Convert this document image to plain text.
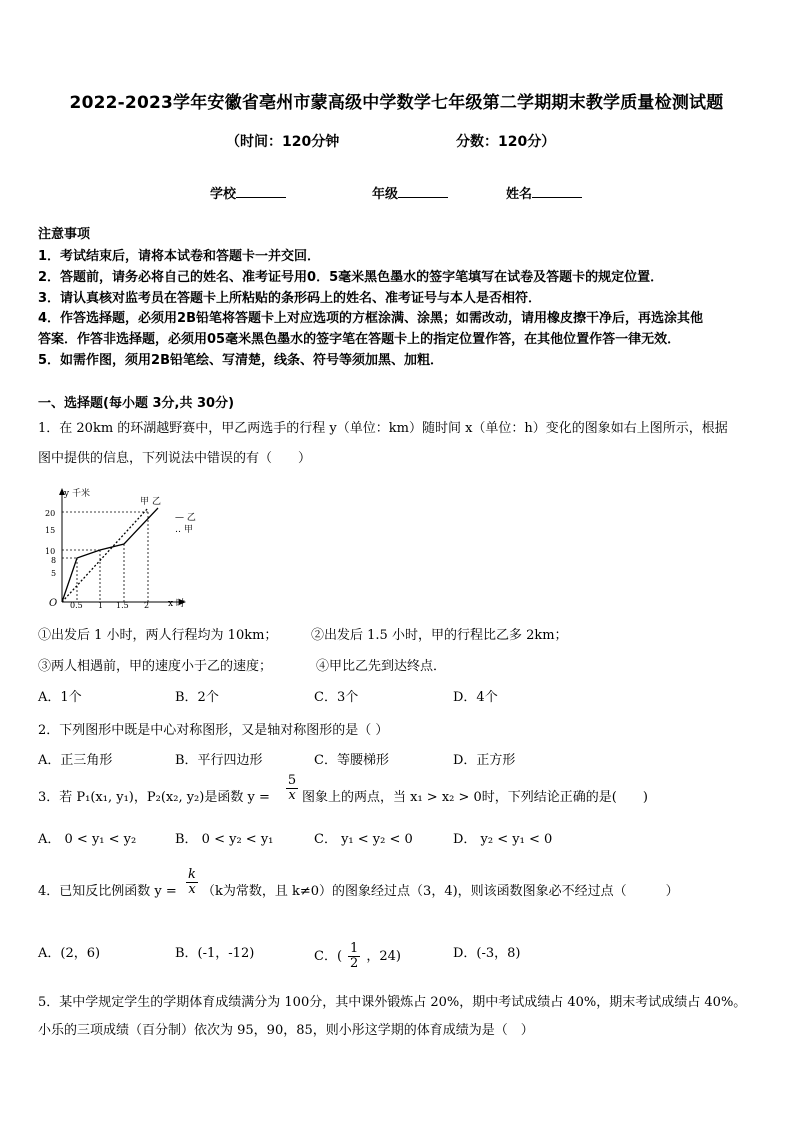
2022-2023学年安徽省亳州市蒙高级中学数学七年级第二学期期末教学质量检测试题
（时间：120分钟	分数：120分）
学校	年级	姓名
注意事项
1．考试结束后，请将本试卷和答题卡一并交回．
2．答题前，请务必将自己的姓名、准考证号用0．5毫米黑色墨水的签字笔填写在试卷及答题卡的规定位置．
3．请认真核对监考员在答题卡上所粘贴的条形码上的姓名、准考证号与本人是否相符．
4．作答选择题，必须用2B铅笔将答题卡上对应选项的方框涂满、涂黑；如需改动，请用橡皮擦干净后，再选涂其他
答案．作答非选择题，必须用05毫米黑色墨水的签字笔在答题卡上的指定位置作答，在其他位置作答一律无效．
5．如需作图，须用2B铅笔绘、写清楚，线条、符号等须加黑、加粗．
一、选择题(每小题 3分,共 30分)
1．在 20km 的环湖越野赛中，甲乙两选手的行程 y（单位：km）随时间 x（单位：h）变化的图象如右上图所示，根据
图中提供的信息，下列说法中错误的有（　　）
y 千米
x 时
O
20
15
10
8
5
0.5 1 1.5 2
甲 乙
— 乙
‥ 甲
①出发后 1 小时，两人行程均为 10km；	②出发后 1.5 小时，甲的行程比乙多 2km；
③两人相遇前，甲的速度小于乙的速度；	④甲比乙先到达终点．
A．1个	B．2个	C．3个	D．4个
2．下列图形中既是中心对称图形，又是轴对称图形的是（ ）
A．正三角形	B．平行四边形	C．等腰梯形	D．正方形
3．若 P₁(x₁, y₁)，P₂(x₂, y₂)是函数 $y = \frac{5}{x}$ 图象上的两点，当 x₁ > x₂ > 0时，下列结论正确的是(　　)
A． 0 < y₁ < y₂	B． 0 < y₂ < y₁	C． y₁ < y₂ < 0	D． y₂ < y₁ < 0
4．已知反比例函数 $y = \frac{k}{x} (k$为常数，且 k≠0）的图象经过点（3，4)，则该函数图象必不经过点（　　　）
A．(2，6)	B．(-1，-12)	C．( $\frac{1}{2}$ ，24)	D．(-3，8)
5．某中学规定学生的学期体育成绩满分为 100分，其中课外锻炼占 20%，期中考试成绩占 40%，期末考试成绩占 40%。
小乐的三项成绩（百分制）依次为 95，90，85，则小彤这学期的体育成绩为是（　）
